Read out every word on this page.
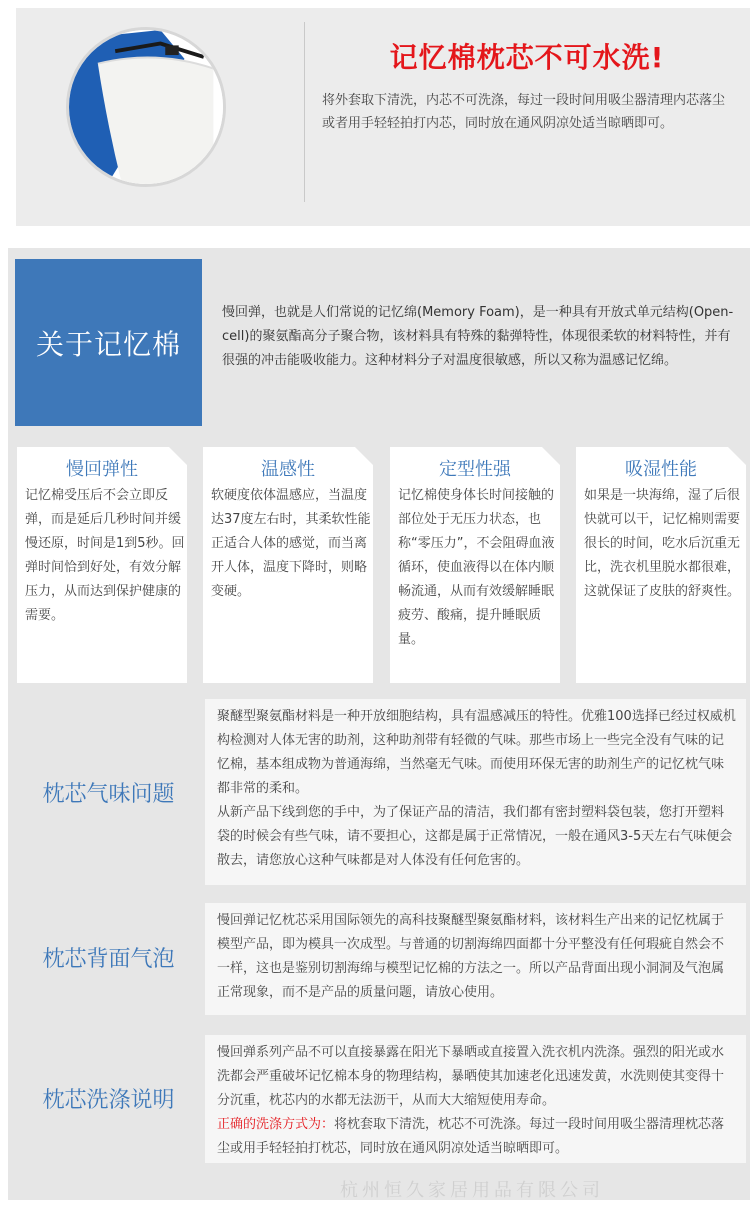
记忆棉枕芯不可水洗!
将外套取下清洗，内芯不可洗涤，每过一段时间用吸尘器清理内芯落尘或者用手轻轻拍打内芯，同时放在通风阴凉处适当晾晒即可。
关于记忆棉
慢回弹，也就是人们常说的记忆绵(Memory Foam)，是一种具有开放式单元结构(Open-cell)的聚氨酯高分子聚合物，该材料具有特殊的黏弹特性，体现很柔软的材料特性，并有很强的冲击能吸收能力。这种材料分子对温度很敏感，所以又称为温感记忆绵。
慢回弹性
记忆棉受压后不会立即反弹，而是延后几秒时间并缓慢还原，时间是1到5秒。回弹时间恰到好处，有效分解压力，从而达到保护健康的需要。
温感性
软硬度依体温感应，当温度达37度左右时，其柔软性能正适合人体的感觉，而当离开人体，温度下降时，则略变硬。
定型性强
记忆棉使身体长时间接触的部位处于无压力状态，也称“零压力”，不会阻碍血液循环，使血液得以在体内顺畅流通，从而有效缓解睡眠疲劳、酸痛，提升睡眠质量。
吸湿性能
如果是一块海绵，湿了后很快就可以干，记忆棉则需要很长的时间，吃水后沉重无比，洗衣机里脱水都很难，这就保证了皮肤的舒爽性。
枕芯气味问题
聚醚型聚氨酯材料是一种开放细胞结构，具有温感减压的特性。优雅100选择已经过权威机构检测对人体无害的助剂，这种助剂带有轻微的气味。那些市场上一些完全没有气味的记忆棉，基本组成物为普通海绵，当然毫无气味。而使用环保无害的助剂生产的记忆枕气味都非常的柔和。
从新产品下线到您的手中，为了保证产品的清洁，我们都有密封塑料袋包装，您打开塑料袋的时候会有些气味，请不要担心，这都是属于正常情况，一般在通风3-5天左右气味便会散去，请您放心这种气味都是对人体没有任何危害的。
枕芯背面气泡
慢回弹记忆枕芯采用国际领先的高科技聚醚型聚氨酯材料，该材料生产出来的记忆枕属于模型产品，即为模具一次成型。与普通的切割海绵四面都十分平整没有任何瑕疵自然会不一样，这也是鉴别切割海绵与模型记忆棉的方法之一。所以产品背面出现小洞洞及气泡属正常现象，而不是产品的质量问题，请放心使用。
枕芯洗涤说明
慢回弹系列产品不可以直接暴露在阳光下暴晒或直接置入洗衣机内洗涤。强烈的阳光或水洗都会严重破坏记忆棉本身的物理结构，暴晒使其加速老化迅速发黄，水洗则使其变得十分沉重，枕芯内的水都无法沥干，从而大大缩短使用寿命。
正确的洗涤方式为：将枕套取下清洗，枕芯不可洗涤。每过一段时间用吸尘器清理枕芯落尘或用手轻轻拍打枕芯，同时放在通风阴凉处适当晾晒即可。
杭州恒久家居用品有限公司
